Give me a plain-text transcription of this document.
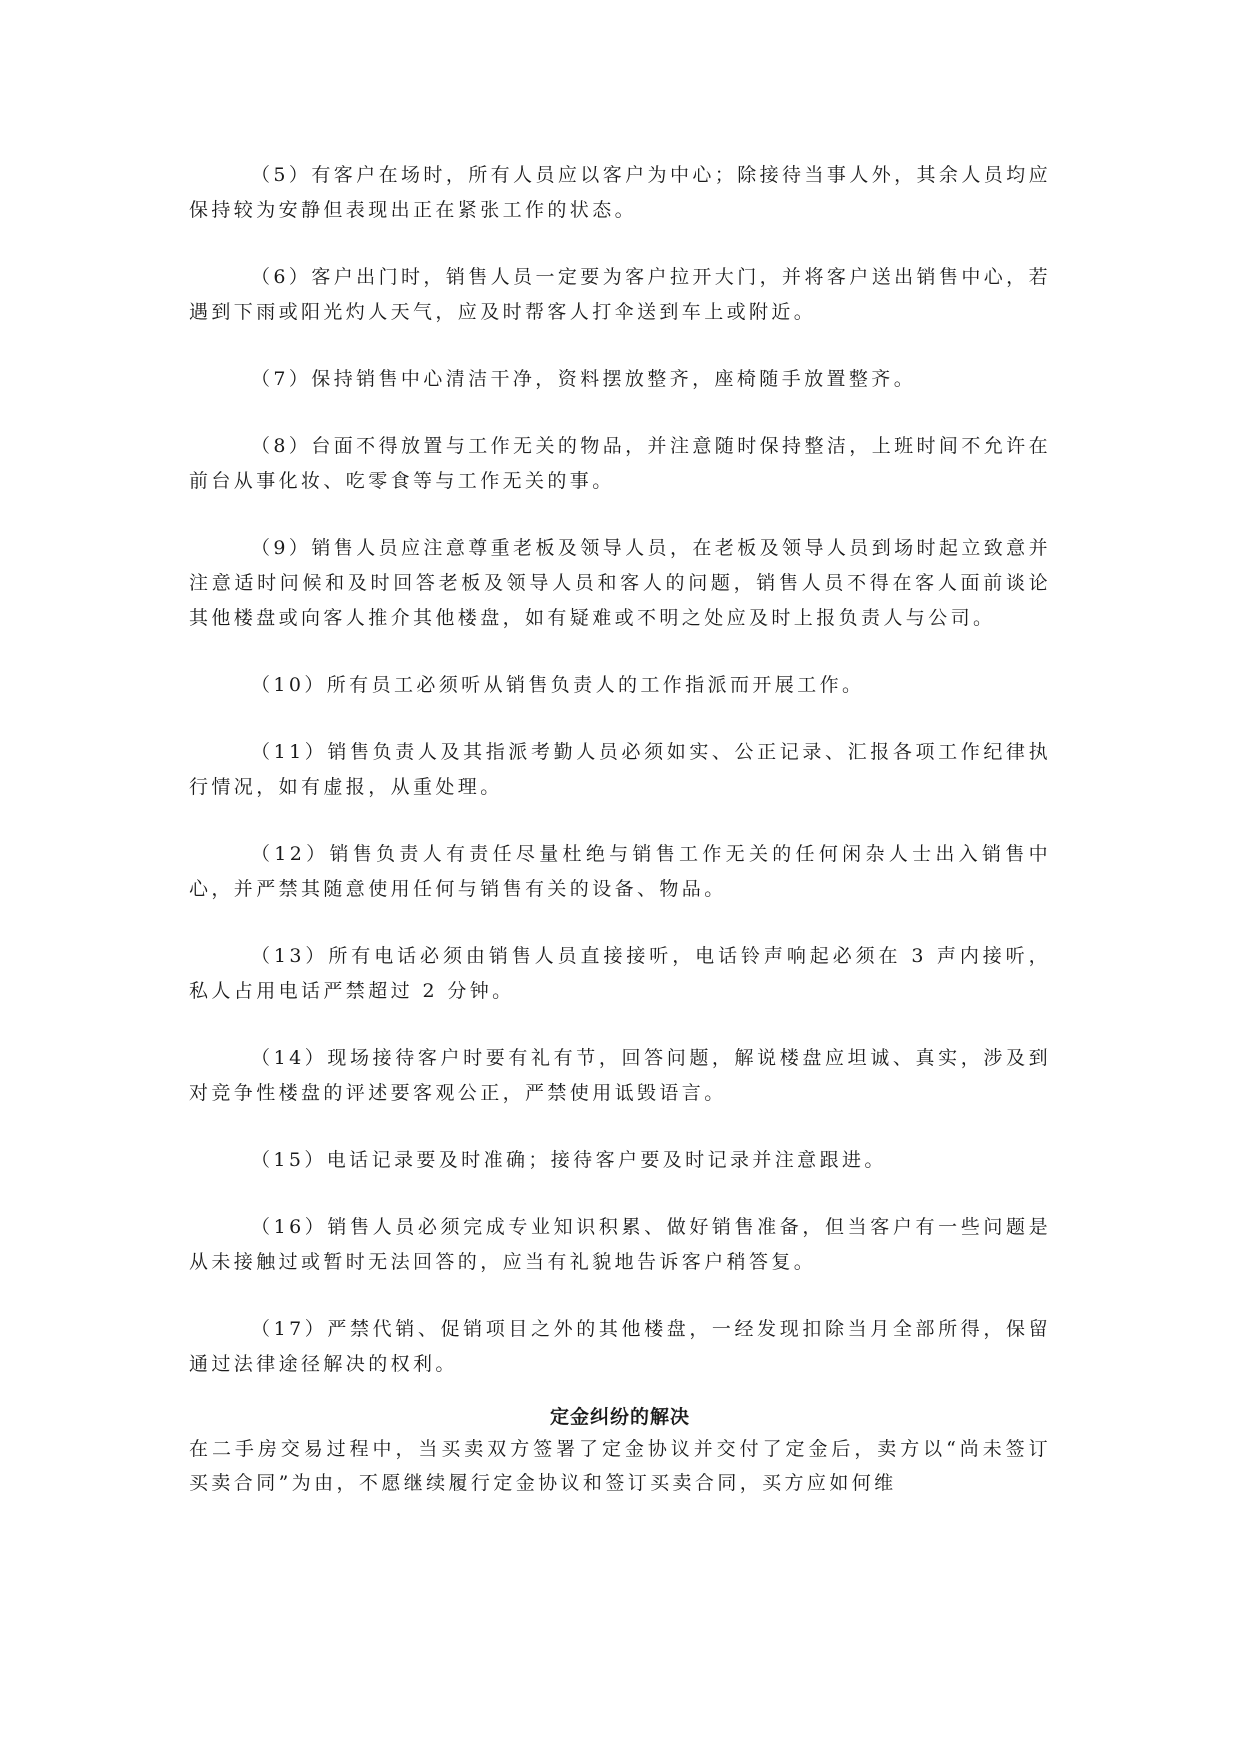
（5）有客户在场时，所有人员应以客户为中心；除接待当事人外，其余人员均应保持较为安静但表现出正在紧张工作的状态。

（6）客户出门时，销售人员一定要为客户拉开大门，并将客户送出销售中心，若遇到下雨或阳光灼人天气，应及时帮客人打伞送到车上或附近。

（7）保持销售中心清洁干净，资料摆放整齐，座椅随手放置整齐。

（8）台面不得放置与工作无关的物品，并注意随时保持整洁，上班时间不允许在前台从事化妆、吃零食等与工作无关的事。

（9）销售人员应注意尊重老板及领导人员，在老板及领导人员到场时起立致意并注意适时问候和及时回答老板及领导人员和客人的问题，销售人员不得在客人面前谈论其他楼盘或向客人推介其他楼盘，如有疑难或不明之处应及时上报负责人与公司。

（10）所有员工必须听从销售负责人的工作指派而开展工作。

（11）销售负责人及其指派考勤人员必须如实、公正记录、汇报各项工作纪律执行情况，如有虚报，从重处理。

（12）销售负责人有责任尽量杜绝与销售工作无关的任何闲杂人士出入销售中心，并严禁其随意使用任何与销售有关的设备、物品。

（13）所有电话必须由销售人员直接接听，电话铃声响起必须在 3 声内接听，私人占用电话严禁超过 2 分钟。

（14）现场接待客户时要有礼有节，回答问题，解说楼盘应坦诚、真实，涉及到对竞争性楼盘的评述要客观公正，严禁使用诋毁语言。

（15）电话记录要及时准确；接待客户要及时记录并注意跟进。

（16）销售人员必须完成专业知识积累、做好销售准备，但当客户有一些问题是从未接触过或暂时无法回答的，应当有礼貌地告诉客户稍答复。

（17）严禁代销、促销项目之外的其他楼盘，一经发现扣除当月全部所得，保留通过法律途径解决的权利。

定金纠纷的解决

在二手房交易过程中，当买卖双方签署了定金协议并交付了定金后，卖方以“尚未签订买卖合同”为由，不愿继续履行定金协议和签订买卖合同，买方应如何维
